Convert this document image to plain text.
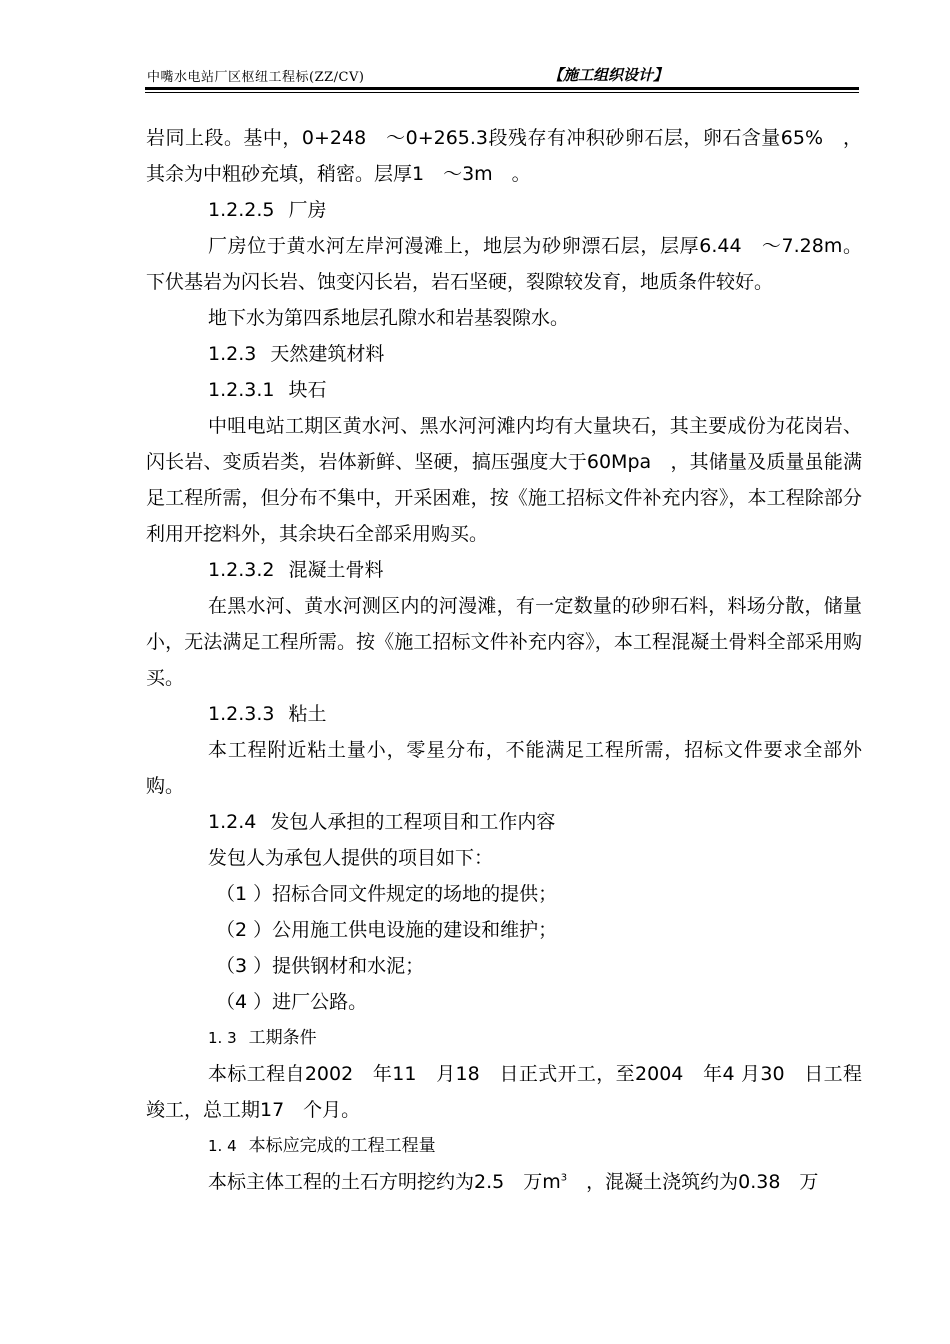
中嘴水电站厂区枢纽工程标(ZZ/CV)	【施工组织设计】

岩同上段。基中，0+248　～0+265.3段残存有冲积砂卵石层，卵石含量65%　，其余为中粗砂充填，稍密。层厚1　～3m　。

1.2.2.5 厂房

厂房位于黄水河左岸河漫滩上，地层为砂卵漂石层，层厚6.44　～7.28m。下伏基岩为闪长岩、蚀变闪长岩，岩石坚硬，裂隙较发育，地质条件较好。

地下水为第四系地层孔隙水和岩基裂隙水。

1.2.3 天然建筑材料

1.2.3.1 块石

中咀电站工期区黄水河、黑水河河滩内均有大量块石，其主要成份为花岗岩、闪长岩、变质岩类，岩体新鲜、坚硬，搞压强度大于60Mpa　，其储量及质量虽能满足工程所需，但分布不集中，开采困难，按《施工招标文件补充内容》，本工程除部分利用开挖料外，其余块石全部采用购买。

1.2.3.2 混凝土骨料

在黑水河、黄水河测区内的河漫滩，有一定数量的砂卵石料，料场分散，储量小，无法满足工程所需。按《施工招标文件补充内容》，本工程混凝土骨料全部采用购买。

1.2.3.3 粘土

本工程附近粘土量小，零星分布，不能满足工程所需，招标文件要求全部外购。

1.2.4 发包人承担的工程项目和工作内容

发包人为承包人提供的项目如下：

（1 ）招标合同文件规定的场地的提供；

（2 ）公用施工供电设施的建设和维护；

（3 ）提供钢材和水泥；

（4 ）进厂公路。

1. 3 工期条件

本标工程自2002　年11　月18　日正式开工，至2004　年4 月30　日工程竣工，总工期17　个月。

1. 4 本标应完成的工程工程量

本标主体工程的土石方明挖约为2.5　万$m^3$　，混凝土浇筑约为0.38　万
